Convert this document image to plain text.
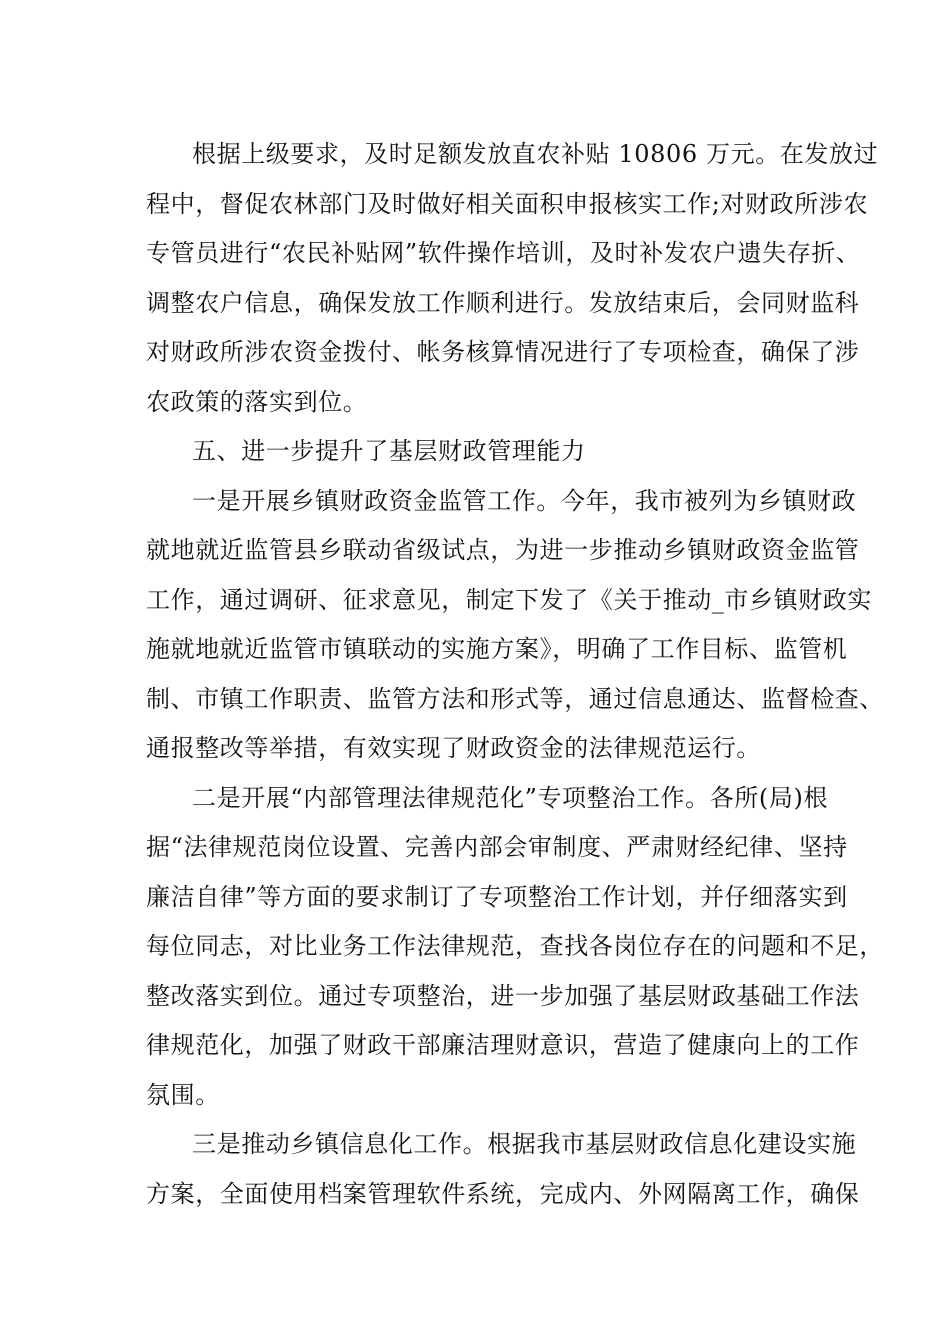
根据上级要求，及时足额发放直农补贴 10806 万元。在发放过
程中，督促农林部门及时做好相关面积申报核实工作;对财政所涉农
专管员进行“农民补贴网”软件操作培训，及时补发农户遗失存折、
调整农户信息，确保发放工作顺利进行。发放结束后，会同财监科
对财政所涉农资金拨付、帐务核算情况进行了专项检查，确保了涉
农政策的落实到位。
五、进一步提升了基层财政管理能力
一是开展乡镇财政资金监管工作。今年，我市被列为乡镇财政
就地就近监管县乡联动省级试点，为进一步推动乡镇财政资金监管
工作，通过调研、征求意见，制定下发了《关于推动_市乡镇财政实
施就地就近监管市镇联动的实施方案》，明确了工作目标、监管机
制、市镇工作职责、监管方法和形式等，通过信息通达、监督检查、
通报整改等举措，有效实现了财政资金的法律规范运行。
二是开展“内部管理法律规范化”专项整治工作。各所(局)根
据“法律规范岗位设置、完善内部会审制度、严肃财经纪律、坚持
廉洁自律”等方面的要求制订了专项整治工作计划，并仔细落实到
每位同志，对比业务工作法律规范，查找各岗位存在的问题和不足，
整改落实到位。通过专项整治，进一步加强了基层财政基础工作法
律规范化，加强了财政干部廉洁理财意识，营造了健康向上的工作
氛围。
三是推动乡镇信息化工作。根据我市基层财政信息化建设实施
方案，全面使用档案管理软件系统，完成内、外网隔离工作，确保
